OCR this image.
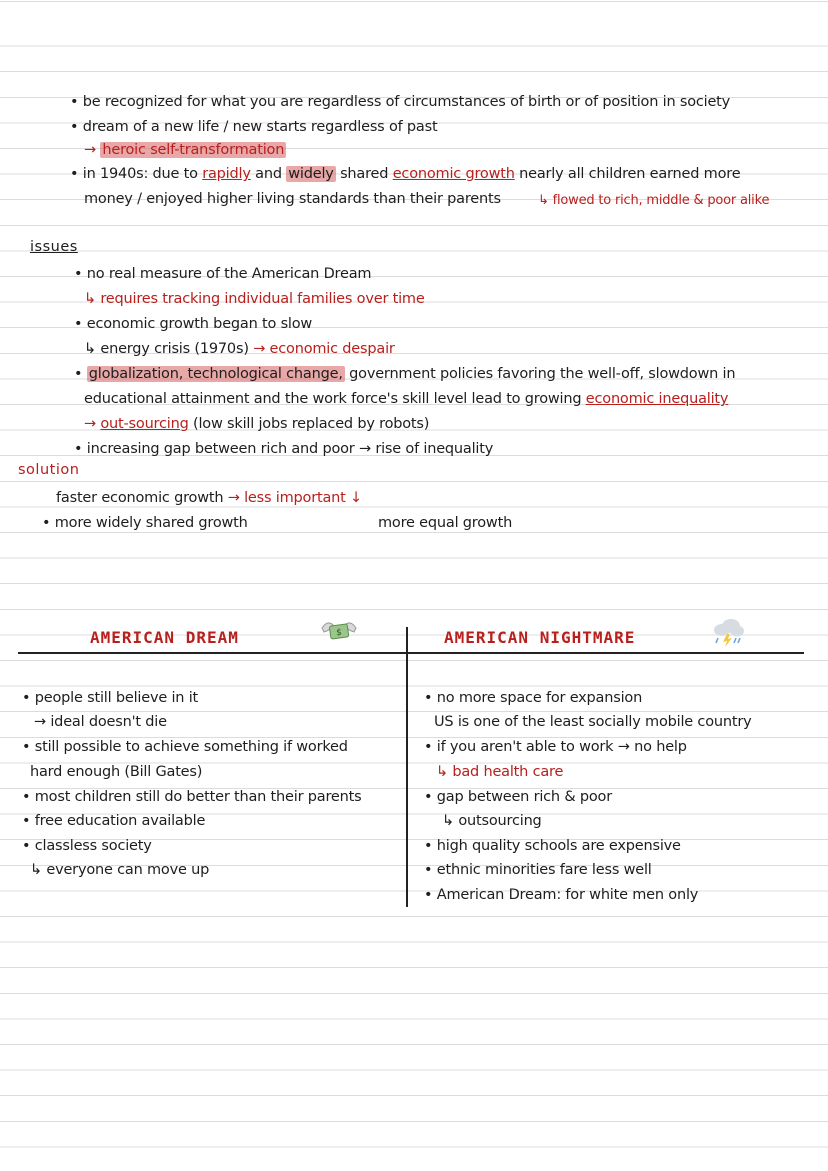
• be recognized for what you are regardless of circumstances of birth or of position in society
• dream of a new life / new starts regardless of past
→ heroic self-transformation
• in 1940s: due to rapidly and widely shared economic growth nearly all children earned more
money / enjoyed higher living standards than their parents	↳ flowed to rich, middle & poor alike
issues
• no real measure of the American Dream
↳ requires tracking individual families over time
• economic growth began to slow
↳ energy crisis (1970s) → economic despair
• globalization, technological change, government policies favoring the well-off, slowdown in
educational attainment and the work force's skill level lead to growing economic inequality
→ out-sourcing (low skill jobs replaced by robots)
• increasing gap between rich and poor → rise of inequality
solution
faster economic growth → less important ↓
• more widely shared growth	more equal growth
AMERICAN DREAM	$	AMERICAN NIGHTMARE
• people still believe in it
→ ideal doesn't die
• still possible to achieve something if worked
hard enough (Bill Gates)
• most children still do better than their parents
• free education available
• classless society
↳ everyone can move up
• no more space for expansion
US is one of the least socially mobile country
• if you aren't able to work → no help
↳ bad health care
• gap between rich & poor
↳ outsourcing
• high quality schools are expensive
• ethnic minorities fare less well
• American Dream: for white men only
